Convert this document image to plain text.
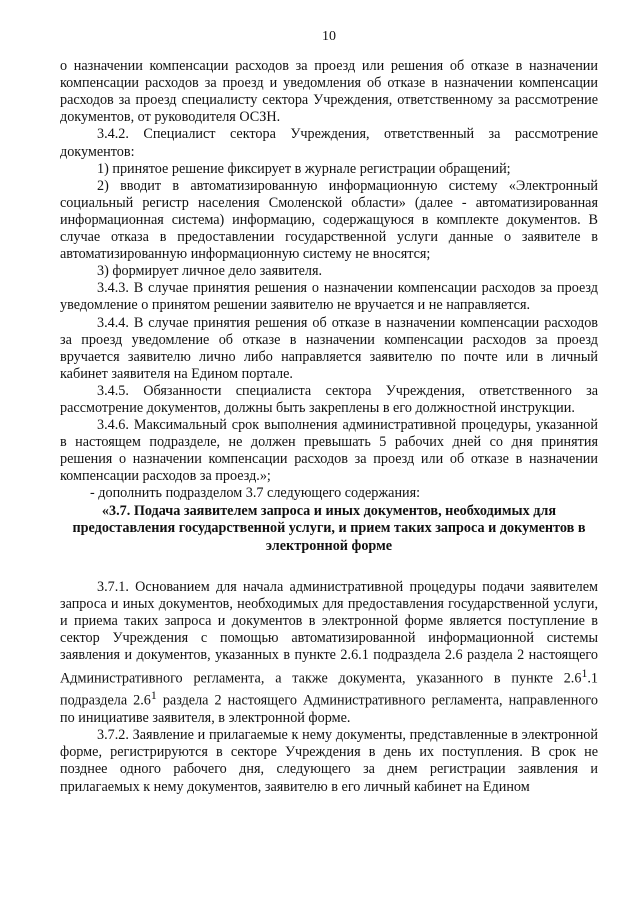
10

о назначении компенсации расходов за проезд или решения об отказе в назначении компенсации расходов за проезд и уведомления об отказе в назначении компенсации расходов за проезд специалисту сектора Учреждения, ответственному за рассмотрение документов, от руководителя ОСЗН.

3.4.2. Специалист сектора Учреждения, ответственный за рассмотрение документов:

1) принятое решение фиксирует в журнале регистрации обращений;

2) вводит в автоматизированную информационную систему «Электронный социальный регистр населения Смоленской области» (далее - автоматизированная информационная система) информацию, содержащуюся в комплекте документов. В случае отказа в предоставлении государственной услуги данные о заявителе в автоматизированную информационную систему не вносятся;

3) формирует личное дело заявителя.

3.4.3. В случае принятия решения о назначении компенсации расходов за проезд уведомление о принятом решении заявителю не вручается и не направляется.

3.4.4. В случае принятия решения об отказе в назначении компенсации расходов за проезд уведомление об отказе в назначении компенсации расходов за проезд вручается заявителю лично либо направляется заявителю по почте или в личный кабинет заявителя на Едином портале.

3.4.5. Обязанности специалиста сектора Учреждения, ответственного за рассмотрение документов, должны быть закреплены в его должностной инструкции.

3.4.6. Максимальный срок выполнения административной процедуры, указанной в настоящем подразделе, не должен превышать 5 рабочих дней со дня принятия решения о назначении компенсации расходов за проезд или об отказе в назначении компенсации расходов за проезд.»;

- дополнить подразделом 3.7 следующего содержания:

«3.7. Подача заявителем запроса и иных документов, необходимых для предоставления государственной услуги, и прием таких запроса и документов в электронной форме

3.7.1. Основанием для начала административной процедуры подачи заявителем запроса и иных документов, необходимых для предоставления государственной услуги, и приема таких запроса и документов в электронной форме является поступление в сектор Учреждения с помощью автоматизированной информационной системы заявления и документов, указанных в пункте 2.6.1 подраздела 2.6 раздела 2 настоящего Административного регламента, а также документа, указанного в пункте $2.6^1.1$ подраздела $2.6^1$ раздела 2 настоящего Административного регламента, направленного по инициативе заявителя, в электронной форме.

3.7.2. Заявление и прилагаемые к нему документы, представленные в электронной форме, регистрируются в секторе Учреждения в день их поступления. В срок не позднее одного рабочего дня, следующего за днем регистрации заявления и прилагаемых к нему документов, заявителю в его личный кабинет на Едином
